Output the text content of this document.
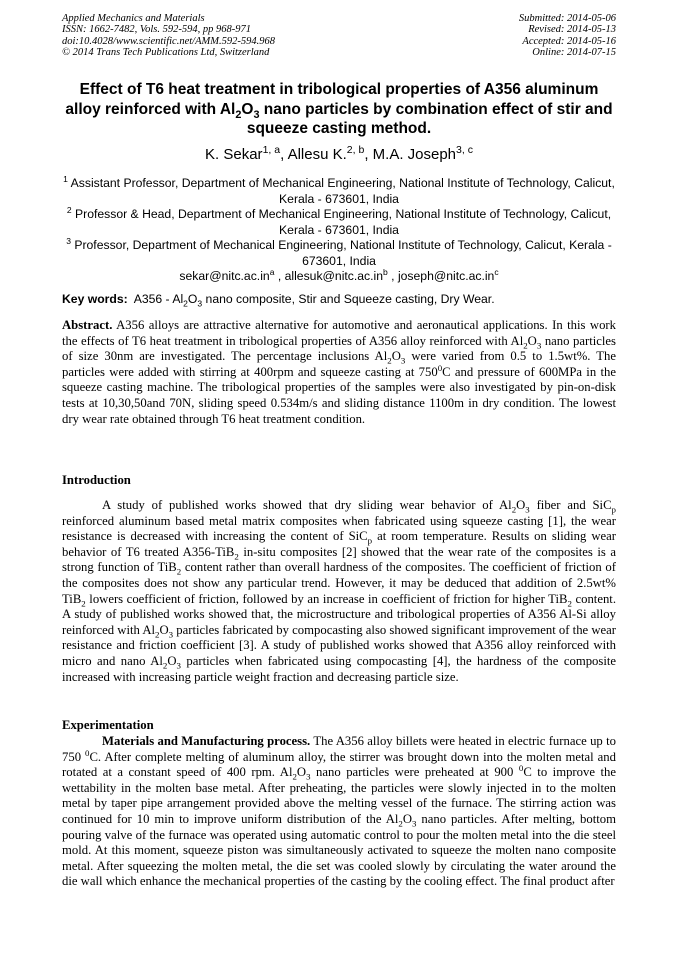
Applied Mechanics and Materials
ISSN: 1662-7482, Vols. 592-594, pp 968-971
doi:10.4028/www.scientific.net/AMM.592-594.968
© 2014 Trans Tech Publications Ltd, Switzerland
Submitted: 2014-05-06
Revised: 2014-05-13
Accepted: 2014-05-16
Online: 2014-07-15
Effect of T6 heat treatment in tribological properties of A356 aluminum alloy reinforced with $Al_2O_3$ nano particles by combination effect of stir and squeeze casting method.
K. Sekar$^{1, a}$, Allesu K.$^{2, b}$, M.A. Joseph$^{3, c}$

$^1$ Assistant Professor, Department of Mechanical Engineering, National Institute of Technology, Calicut, Kerala - 673601, India

$^2$ Professor & Head, Department of Mechanical Engineering, National Institute of Technology, Calicut, Kerala - 673601, India

$^3$ Professor, Department of Mechanical Engineering, National Institute of Technology, Calicut, Kerala - 673601, India

$sekar@nitc.ac.in^a$ , $allesuk@nitc.ac.in^b$ , $joseph@nitc.ac.in^c$

Key words: $A356 - Al_2O_3$ nano composite, Stir and Squeeze casting, Dry Wear.
Abstract. A356 alloys are attractive alternative for automotive and aeronautical applications. In this work the effects of T6 heat treatment in tribological properties of A356 alloy reinforced with $Al_2O_3$ nano particles of size 30nm are investigated. The percentage inclusions $Al_2O_3$ were varied from 0.5 to 1.5wt%. The particles were added with stirring at 400rpm and squeeze casting at $750^0C$ and pressure of 600MPa in the squeeze casting machine. The tribological properties of the samples were also investigated by pin-on-disk tests at 10,30,50and 70N, sliding speed 0.534m/s and sliding distance 1100m in dry condition. The lowest dry wear rate obtained through T6 heat treatment condition.
Introduction
A study of published works showed that dry sliding wear behavior of $Al_2O_3$ fiber and SiC$_p$ reinforced aluminum based metal matrix composites when fabricated using squeeze casting [1], the wear resistance is decreased with increasing the content of SiC$_p$ at room temperature. Results on sliding wear behavior of T6 treated A356-TiB$_2$ in-situ composites [2] showed that the wear rate of the composites is a strong function of TiB$_2$ content rather than overall hardness of the composites. The coefficient of friction of the composites does not show any particular trend. However, it may be deduced that addition of 2.5wt% TiB$_2$ lowers coefficient of friction, followed by an increase in coefficient of friction for higher TiB$_2$ content. A study of published works showed that, the microstructure and tribological properties of A356 Al-Si alloy reinforced with $Al_2O_3$ particles fabricated by compocasting also showed significant improvement of the wear resistance and friction coefficient [3]. A study of published works showed that A356 alloy reinforced with micro and nano $Al_2O_3$ particles when fabricated using compocasting [4], the hardness of the composite increased with increasing particle weight fraction and decreasing particle size.
Experimentation
Materials and Manufacturing process. The A356 alloy billets were heated in electric furnace up to 750 $^0$C. After complete melting of aluminum alloy, the stirrer was brought down into the molten metal and rotated at a constant speed of 400 rpm. $Al_2O_3$ nano particles were preheated at 900 $^0$C to improve the wettability in the molten base metal. After preheating, the particles were slowly injected in to the molten metal by taper pipe arrangement provided above the melting vessel of the furnace. The stirring action was continued for 10 min to improve uniform distribution of the $Al_2O_3$ nano particles. After melting, bottom pouring valve of the furnace was operated using automatic control to pour the molten metal into the die steel mold. At this moment, squeeze piston was simultaneously activated to squeeze the molten nano composite metal. After squeezing the molten metal, the die set was cooled slowly by circulating the water around the die wall which enhance the mechanical properties of the casting by the cooling effect. The final product after
